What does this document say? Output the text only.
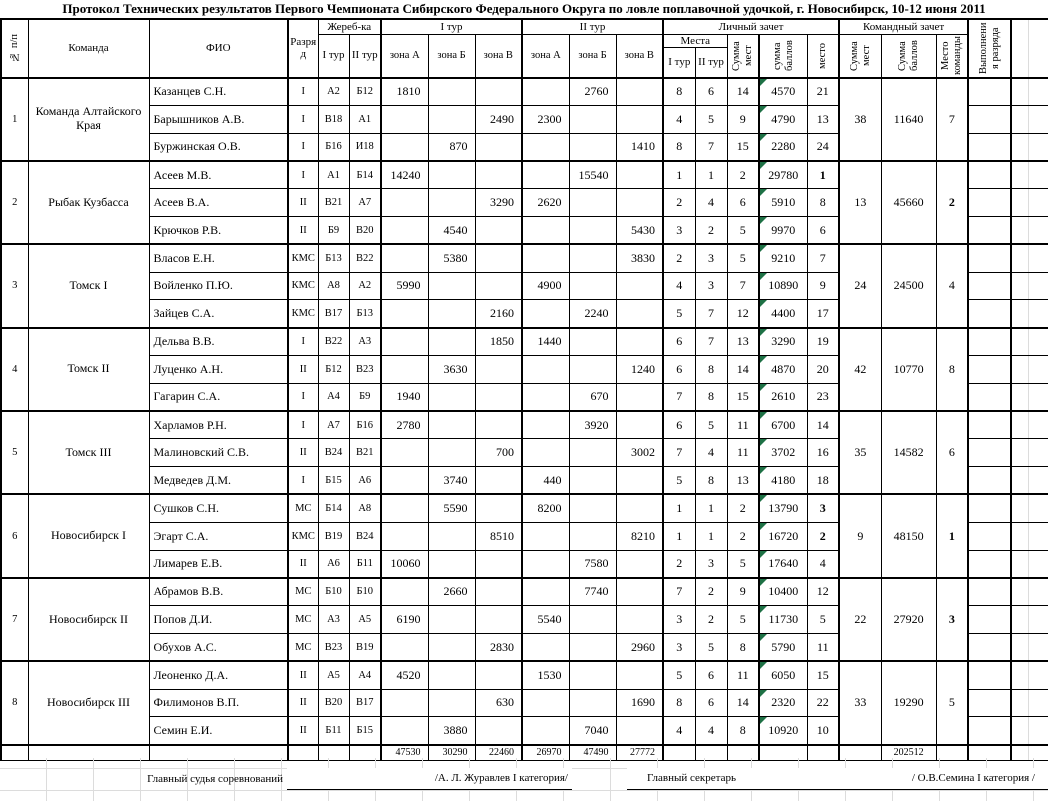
Протокол Технических результатов Первого Чемпионата Сибирского Федерального Округа по ловле поплавочной удочкой, г. Новосибирск, 10-12 июня 2011
№ п/п	Команда	ФИО	Разряд	Жереб-ка		I тур			II тур			Личный зачет					Командный зачет			Выполнения разряда	
				I тур	II тур	зона А	зона Б	зона В	зона А	зона Б	зона В	Места		Сумма мест	сумма баллов	место	Сумма мест	Сумма баллов	Место команды		
												I тур	II тур								
1	Команда Алтайского Края	Казанцев С.Н.	I	А2	Б12	1810				2760		8	6	14	4570	21	38	11640	7		
		Барышников А.В.	I	В18	А1			2490	2300			4	5	9	4790	13					
		Буржинская О.В.	I	Б16	И18		870				1410	8	7	15	2280	24					
2	Рыбак Кузбасса	Асеев М.В.	I	А1	Б14	14240				15540		1	1	2	29780	1	13	45660	2		
		Асеев В.А.	II	В21	А7			3290	2620			2	4	6	5910	8					
		Крючков Р.В.	II	Б9	В20		4540				5430	3	2	5	9970	6					
3	Томск I	Власов Е.Н.	КМС	Б13	В22		5380				3830	2	3	5	9210	7	24	24500	4		
		Войленко П.Ю.	КМС	А8	А2	5990			4900			4	3	7	10890	9					
		Зайцев С.А.	КМС	В17	Б13			2160		2240		5	7	12	4400	17					
4	Томск II	Дельва В.В.	I	В22	А3			1850	1440			6	7	13	3290	19	42	10770	8		
		Луценко А.Н.	II	Б12	В23		3630				1240	6	8	14	4870	20					
		Гагарин С.А.	I	А4	Б9	1940				670		7	8	15	2610	23					
5	Томск III	Харламов Р.Н.	I	А7	Б16	2780				3920		6	5	11	6700	14	35	14582	6		
		Малиновский С.В.	II	В24	В21			700			3002	7	4	11	3702	16					
		Медведев Д.М.	I	Б15	А6		3740		440			5	8	13	4180	18					
6	Новосибирск I	Сушков С.Н.	МС	Б14	А8		5590		8200			1	1	2	13790	3	9	48150	1		
		Эгарт С.А.	КМС	В19	В24			8510			8210	1	1	2	16720	2					
		Лимарев Е.В.	II	А6	Б11	10060				7580		2	3	5	17640	4					
7	Новосибирск II	Абрамов В.В.	МС	Б10	Б10		2660			7740		7	2	9	10400	12	22	27920	3		
		Попов Д.И.	МС	А3	А5	6190			5540			3	2	5	11730	5					
		Обухов А.С.	МС	В23	В19			2830			2960	3	5	8	5790	11					
8	Новосибирск III	Леоненко Д.А.	II	А5	А4	4520			1530			5	6	11	6050	15	33	19290	5		
		Филимонов В.П.	II	В20	В17			630			1690	8	6	14	2320	22					
		Семин Е.И.	II	Б11	Б15		3880			7040		4	4	8	10920	10					
						47530	30290	22460	26970	47490	27772							202512			
Главный судья соревнований	/А. Л. Журавлев I категория/	Главный секретарь	/ О.В.Семина I категория /
